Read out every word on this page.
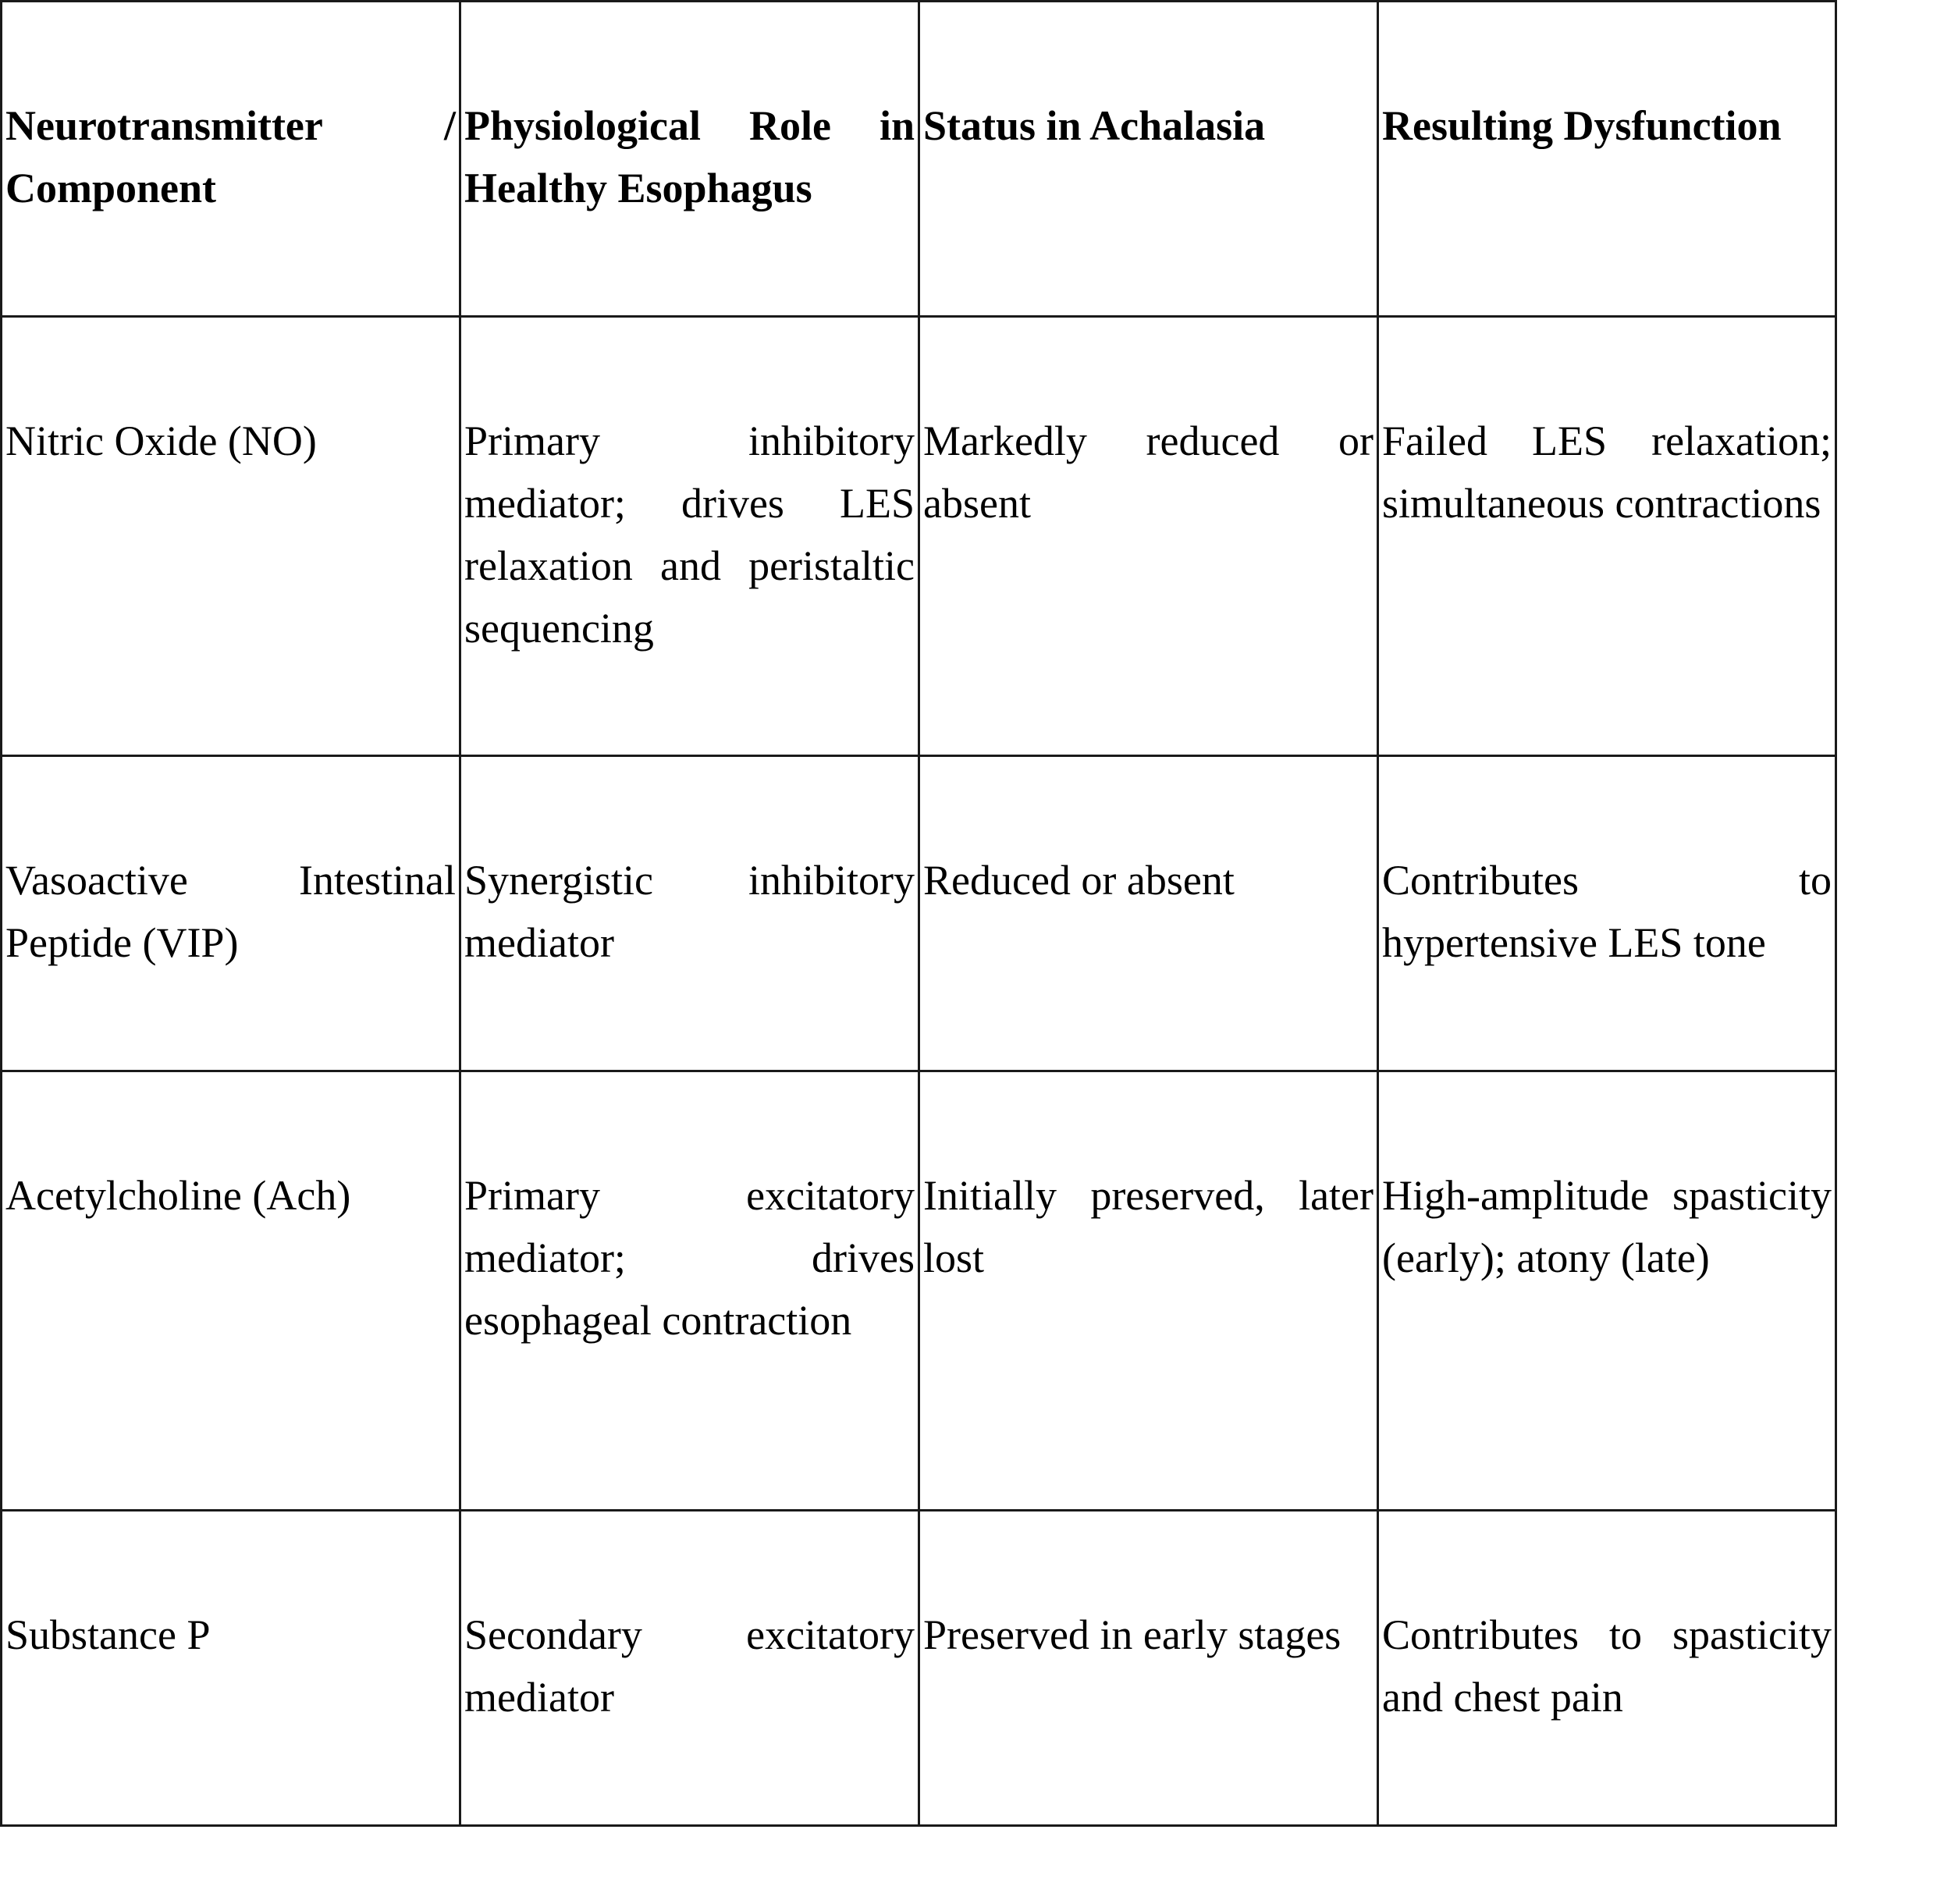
Neurotransmitter / Component	Physiological Role in Healthy Esophagus	Status in Achalasia	Resulting Dysfunction

Nitric Oxide (NO)	Primary inhibitory mediator; drives LES relaxation and peristaltic sequencing	Markedly reduced or absent	Failed LES relaxation; simultaneous contractions

Vasoactive Intestinal Peptide (VIP)	Synergistic inhibitory mediator	Reduced or absent	Contributes to hypertensive LES tone

Acetylcholine (Ach)	Primary excitatory mediator; drives esophageal contraction	Initially preserved, later lost	High-amplitude spasticity (early); atony (late)

Substance P	Secondary excitatory mediator	Preserved in early stages	Contributes to spasticity and chest pain
